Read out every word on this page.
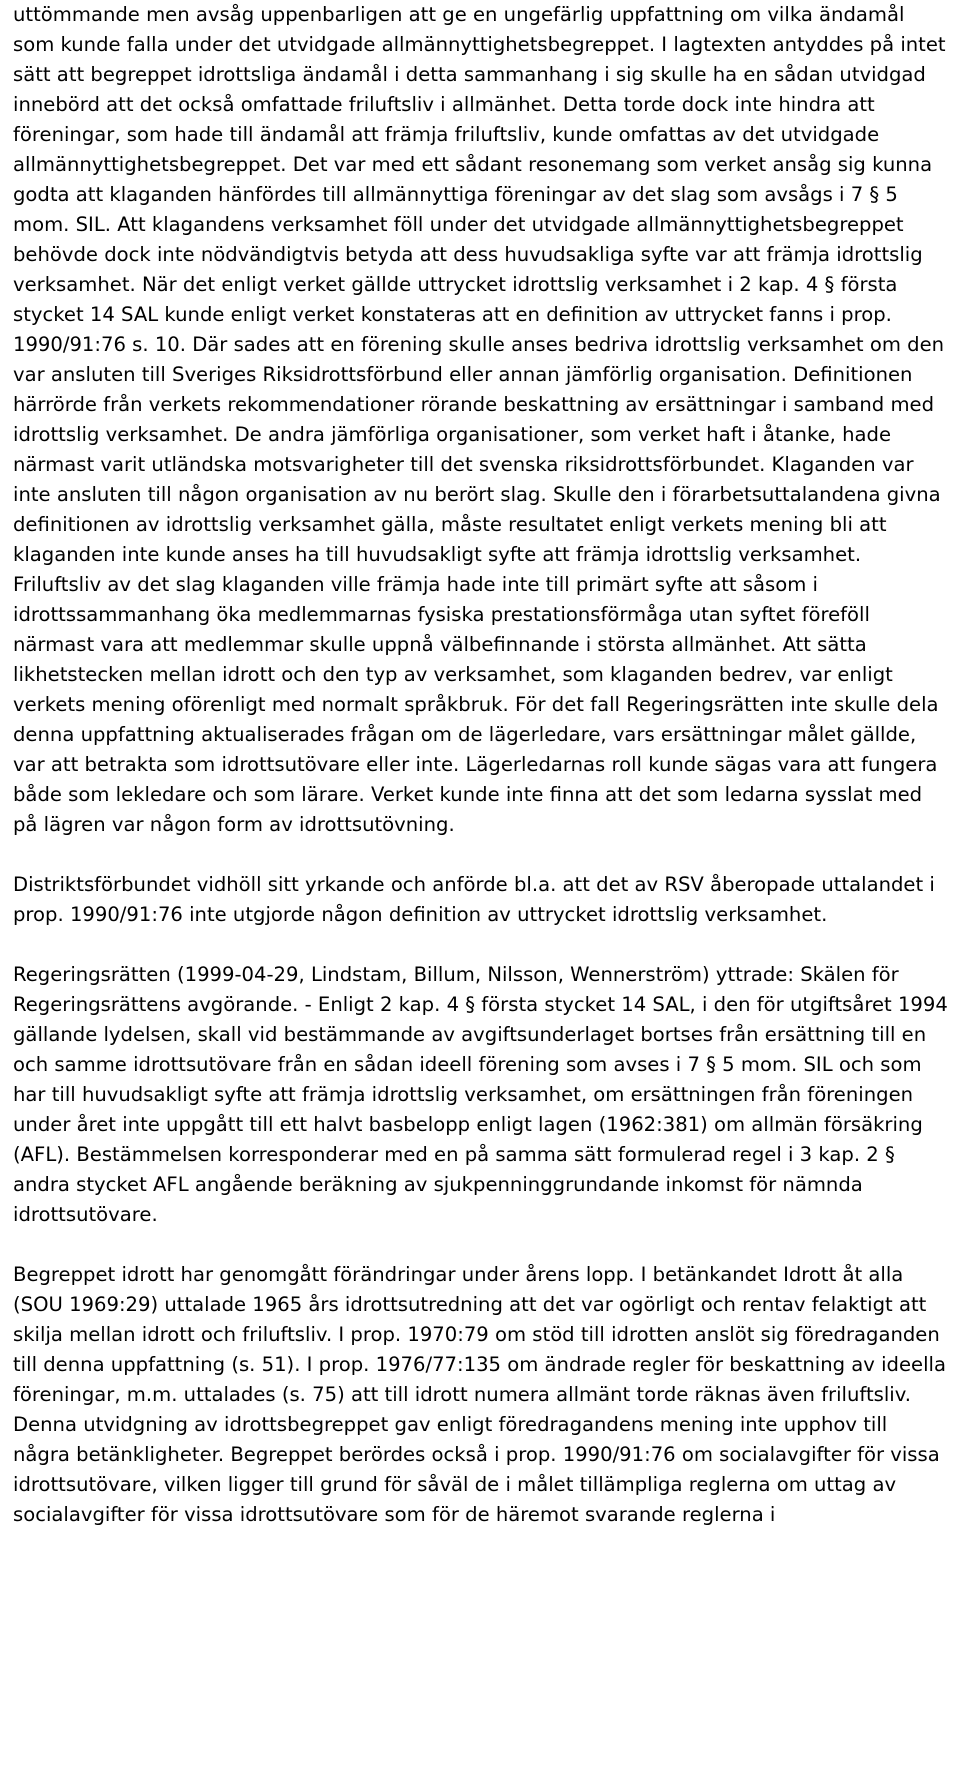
uttömmande men avsåg uppenbarligen att ge en ungefärlig uppfattning om vilka ändamål som kunde falla under det utvidgade allmännyttighetsbegreppet. I lagtexten antyddes på intet sätt att begreppet idrottsliga ändamål i detta sammanhang i sig skulle ha en sådan utvidgad innebörd att det också omfattade friluftsliv i allmänhet. Detta torde dock inte hindra att föreningar, som hade till ändamål att främja friluftsliv, kunde omfattas av det utvidgade allmännyttighetsbegreppet. Det var med ett sådant resonemang som verket ansåg sig kunna godta att klaganden hänfördes till allmännyttiga föreningar av det slag som avsågs i 7 § 5 mom. SIL. Att klagandens verksamhet föll under det utvidgade allmännyttighetsbegreppet behövde dock inte nödvändigtvis betyda att dess huvudsakliga syfte var att främja idrottslig verksamhet. När det enligt verket gällde uttrycket idrottslig verksamhet i 2 kap. 4 § första stycket 14 SAL kunde enligt verket konstateras att en definition av uttrycket fanns i prop. 1990/91:76 s. 10. Där sades att en förening skulle anses bedriva idrottslig verksamhet om den var ansluten till Sveriges Riksidrottsförbund eller annan jämförlig organisation. Definitionen härrörde från verkets rekommendationer rörande beskattning av ersättningar i samband med idrottslig verksamhet. De andra jämförliga organisationer, som verket haft i åtanke, hade närmast varit utländska motsvarigheter till det svenska riksidrottsförbundet. Klaganden var inte ansluten till någon organisation av nu berört slag. Skulle den i förarbetsuttalandena givna definitionen av idrottslig verksamhet gälla, måste resultatet enligt verkets mening bli att klaganden inte kunde anses ha till huvudsakligt syfte att främja idrottslig verksamhet. Friluftsliv av det slag klaganden ville främja hade inte till primärt syfte att såsom i idrottssammanhang öka medlemmarnas fysiska prestationsförmåga utan syftet föreföll närmast vara att medlemmar skulle uppnå välbefinnande i största allmänhet. Att sätta likhetstecken mellan idrott och den typ av verksamhet, som klaganden bedrev, var enligt verkets mening oförenligt med normalt språkbruk. För det fall Regeringsrätten inte skulle dela denna uppfattning aktualiserades frågan om de lägerledare, vars ersättningar målet gällde, var att betrakta som idrottsutövare eller inte. Lägerledarnas roll kunde sägas vara att fungera både som lekledare och som lärare. Verket kunde inte finna att det som ledarna sysslat med på lägren var någon form av idrottsutövning.

Distriktsförbundet vidhöll sitt yrkande och anförde bl.a. att det av RSV åberopade uttalandet i prop. 1990/91:76 inte utgjorde någon definition av uttrycket idrottslig verksamhet.

Regeringsrätten (1999-04-29, Lindstam, Billum, Nilsson, Wennerström) yttrade: Skälen för Regeringsrättens avgörande. - Enligt 2 kap. 4 § första stycket 14 SAL, i den för utgiftsåret 1994 gällande lydelsen, skall vid bestämmande av avgiftsunderlaget bortses från ersättning till en och samme idrottsutövare från en sådan ideell förening som avses i 7 § 5 mom. SIL och som har till huvudsakligt syfte att främja idrottslig verksamhet, om ersättningen från föreningen under året inte uppgått till ett halvt basbelopp enligt lagen (1962:381) om allmän försäkring (AFL). Bestämmelsen korresponderar med en på samma sätt formulerad regel i 3 kap. 2 § andra stycket AFL angående beräkning av sjukpenninggrundande inkomst för nämnda idrottsutövare.

Begreppet idrott har genomgått förändringar under årens lopp. I betänkandet Idrott åt alla (SOU 1969:29) uttalade 1965 års idrottsutredning att det var ogörligt och rentav felaktigt att skilja mellan idrott och friluftsliv. I prop. 1970:79 om stöd till idrotten anslöt sig föredraganden till denna uppfattning (s. 51). I prop. 1976/77:135 om ändrade regler för beskattning av ideella föreningar, m.m. uttalades (s. 75) att till idrott numera allmänt torde räknas även friluftsliv. Denna utvidgning av idrottsbegreppet gav enligt föredragandens mening inte upphov till några betänkligheter. Begreppet berördes också i prop. 1990/91:76 om socialavgifter för vissa idrottsutövare, vilken ligger till grund för såväl de i målet tillämpliga reglerna om uttag av socialavgifter för vissa idrottsutövare som för de häremot svarande reglerna i
